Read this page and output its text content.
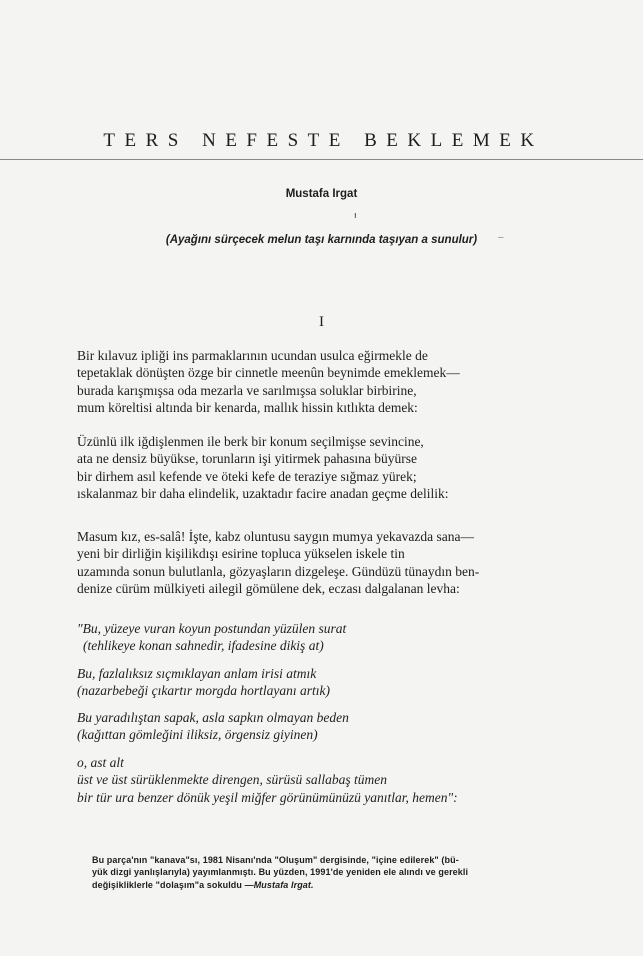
TERS NEFESTE BEKLEMEK
Mustafa Irgat
ı
(Ayağını sürçecek melun taşı karnında taşıyan a sunulur)	–
I
Bir kılavuz ipliği ins parmaklarının ucundan usulca eğirmekle de
tepetaklak dönüşten özge bir cinnetle meenûn beynimde emeklemek—
burada karışmışsa oda mezarla ve sarılmışsa soluklar birbirine,
mum köreltisi altında bir kenarda, mallık hissin kıtlıkta demek:
Üzünlü ilk iğdişlenmen ile berk bir konum seçilmişse sevincine,
ata ne densiz büyükse, torunların işi yitirmek pahasına büyürse
bir dirhem asıl kefende ve öteki kefe de teraziye sığmaz yürek;
ıskalanmaz bir daha elindelik, uzaktadır facire anadan geçme delilik:
Masum kız, es-salâ! İşte, kabz oluntusu saygın mumya yekavazda sana—
yeni bir dirliğin kişilikdışı esirine topluca yükselen iskele tin
uzamında sonun bulutlanla, gözyaşların dizgeleşe. Gündüzü tünaydın ben-
denize cürüm mülkiyeti ailegil gömülene dek, eczası dalgalanan levha:
"Bu, yüzeye vuran koyun postundan yüzülen surat
(tehlikeye konan sahnedir, ifadesine dikiş at)
Bu, fazlalıksız sıçmıklayan anlam irisi atmık
(nazarbebeği çıkartır morgda hortlayanı artık)
Bu yaradılıştan sapak, asla sapkın olmayan beden
(kağıttan gömleğini iliksiz, örgensiz giyinen)
o, ast alt
üst ve üst sürüklenmekte direngen, sürüsü sallabaş tümen
bir tür ura benzer dönük yeşil miğfer görünümünüzü yanıtlar, hemen":
Bu parça'nın "kanava"sı, 1981 Nisanı'nda "Oluşum" dergisinde, "içine edilerek" (bü-
yük dizgi yanlışlarıyla) yayımlanmıştı. Bu yüzden, 1991'de yeniden ele alındı ve gerekli
değişikliklerle "dolaşım"a sokuldu —Mustafa Irgat.
